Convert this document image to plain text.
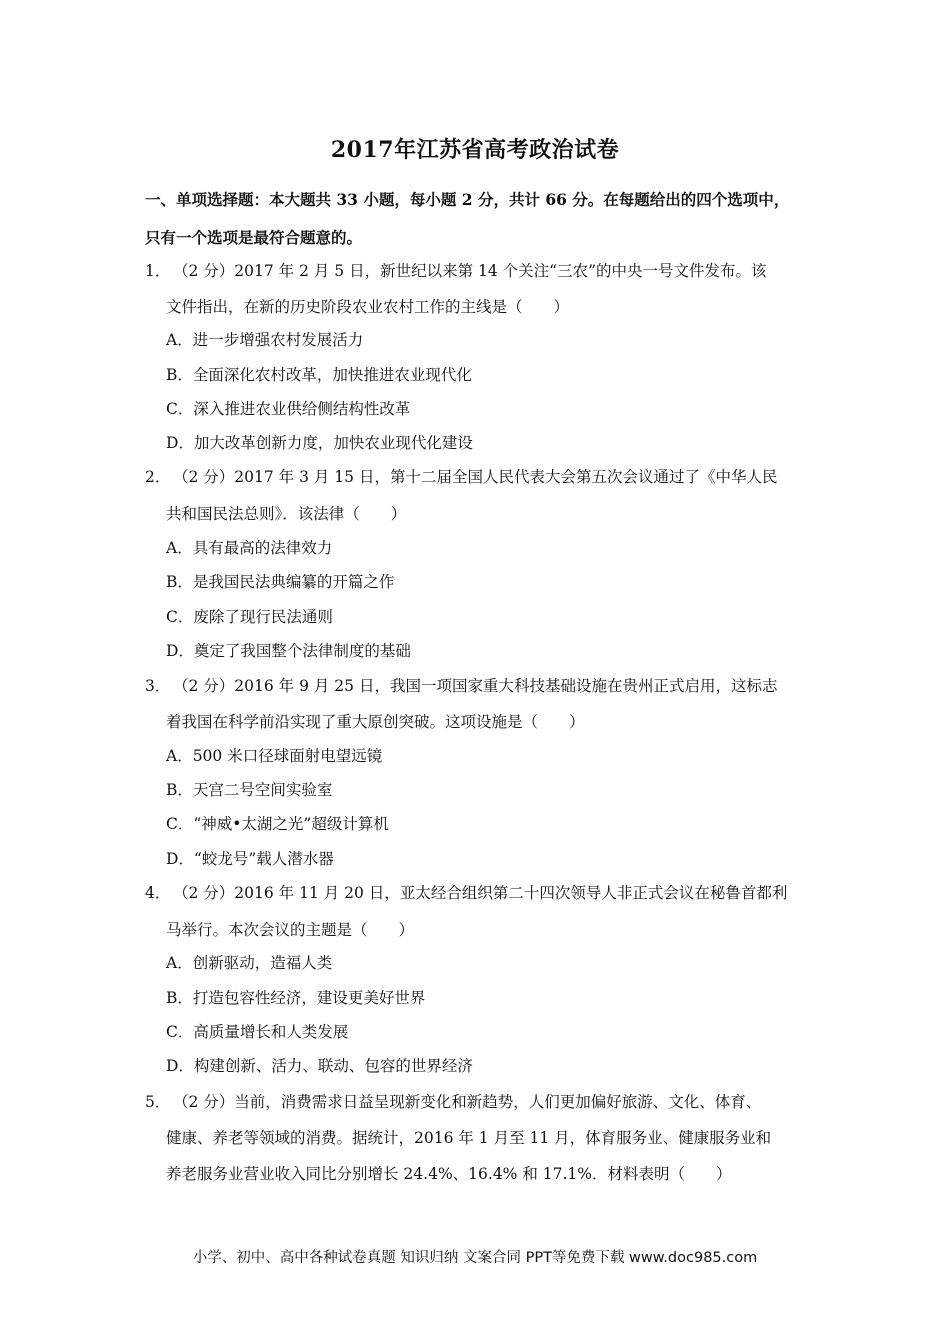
2017年江苏省高考政治试卷
一、单项选择题：本大题共 33 小题，每小题 2 分，共计 66 分。在每题给出的四个选项中，
只有一个选项是最符合题意的。
1． （2 分）2017 年 2 月 5 日，新世纪以来第 14 个关注“三农”的中央一号文件发布。该
文件指出，在新的历史阶段农业农村工作的主线是（　　）
A．进一步增强农村发展活力
B．全面深化农村改革，加快推进农业现代化
C．深入推进农业供给侧结构性改革
D．加大改革创新力度，加快农业现代化建设
2． （2 分）2017 年 3 月 15 日，第十二届全国人民代表大会第五次会议通过了《中华人民
共和国民法总则》．该法律（　　）
A．具有最高的法律效力
B．是我国民法典编纂的开篇之作
C．废除了现行民法通则
D．奠定了我国整个法律制度的基础
3． （2 分）2016 年 9 月 25 日，我国一项国家重大科技基础设施在贵州正式启用，这标志
着我国在科学前沿实现了重大原创突破。这项设施是（　　）
A．500 米口径球面射电望远镜
B．天宫二号空间实验室
C．“神威•太湖之光”超级计算机
D．“蛟龙号”载人潜水器
4． （2 分）2016 年 11 月 20 日，亚太经合组织第二十四次领导人非正式会议在秘鲁首都利
马举行。本次会议的主题是（　　）
A．创新驱动，造福人类
B．打造包容性经济，建设更美好世界
C．高质量增长和人类发展
D．构建创新、活力、联动、包容的世界经济
5． （2 分）当前，消费需求日益呈现新变化和新趋势，人们更加偏好旅游、文化、体育、
健康、养老等领域的消费。据统计，2016 年 1 月至 11 月，体育服务业、健康服务业和
养老服务业营业收入同比分别增长 24.4%、16.4% 和 17.1%．材料表明（　　）
小学、初中、高中各种试卷真题 知识归纳 文案合同 PPT等免费下载 www.doc985.com
